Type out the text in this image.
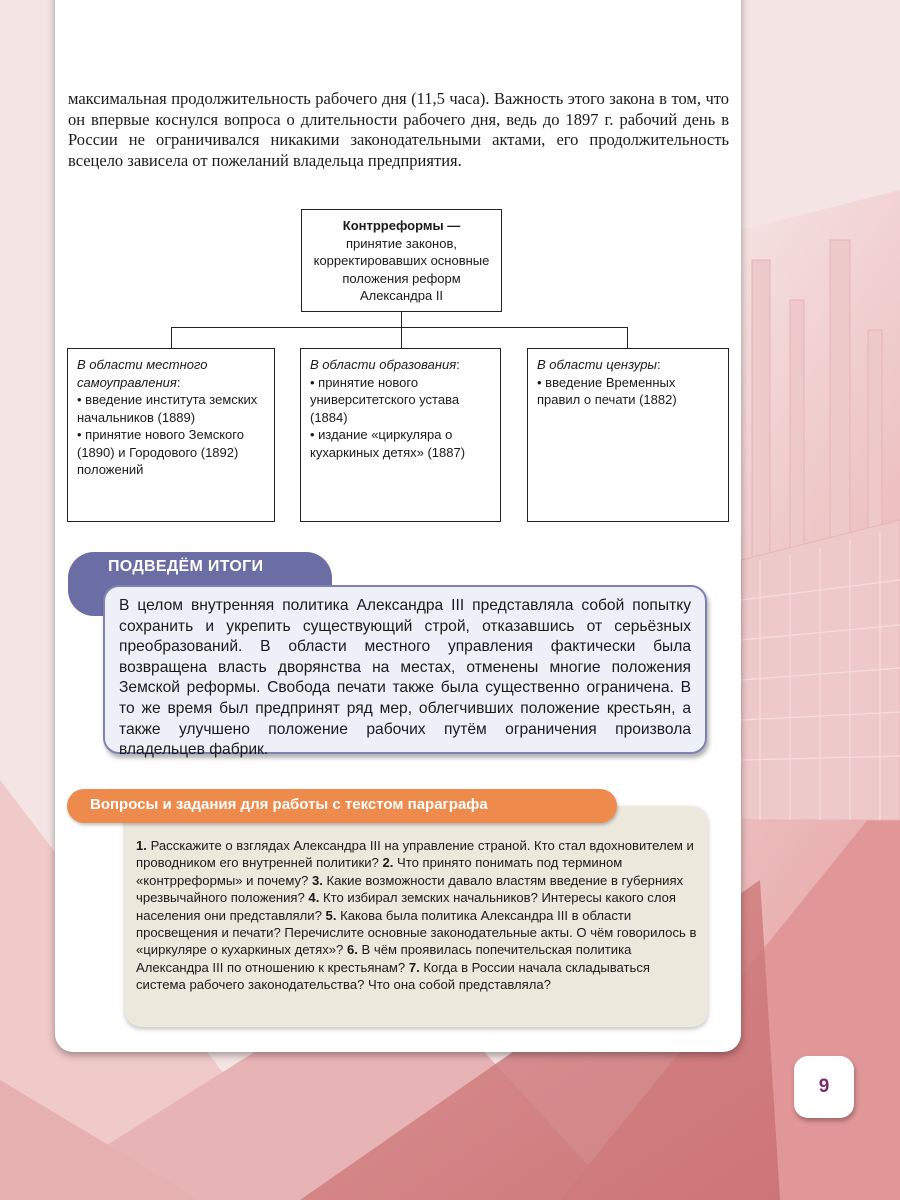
максимальная продолжительность рабочего дня (11,5 часа). Важность этого закона в том, что он впервые коснулся вопроса о длительности рабочего дня, ведь до 1897 г. рабочий день в России не ограничивался никакими законодательными актами, его продолжительность всецело зависела от пожеланий владельца предприятия.

Контрреформы —
принятие законов, корректировавших основные положения реформ Александра II
В области местного самоуправления:
• введение института земских начальников (1889)
• принятие нового Земского (1890) и Городового (1892) положений
В области образования:
• принятие нового университетского устава (1884)
• издание «циркуляра о кухаркиных детях» (1887)
В области цензуры:
• введение Временных правил о печати (1882)
ПОДВЕДЁМ ИТОГИ
В целом внутренняя политика Александра III представляла собой попытку сохранить и укрепить существующий строй, отказавшись от серьёзных преобразований. В области местного управления фактически была возвращена власть дворянства на местах, отменены многие положения Земской реформы. Свобода печати также была существенно ограничена. В то же время был предпринят ряд мер, облегчивших положение крестьян, а также улучшено положение рабочих путём ограничения произвола владельцев фабрик.
1. Расскажите о взглядах Александра III на управление страной. Кто стал вдохновителем и проводником его внутренней политики? 2. Что принято понимать под термином «контрреформы» и почему? 3. Какие возможности давало властям введение в губерниях чрезвычайного положения? 4. Кто избирал земских начальников? Интересы какого слоя населения они представляли? 5. Какова была политика Александра III в области просвещения и печати? Перечислите основные законодательные акты. О чём говорилось в «циркуляре о кухаркиных детях»? 6. В чём проявилась попечительская политика Александра III по отношению к крестьянам? 7. Когда в России начала складываться система рабочего законодательства? Что она собой представляла?
Вопросы и задания для работы с текстом параграфа
9
